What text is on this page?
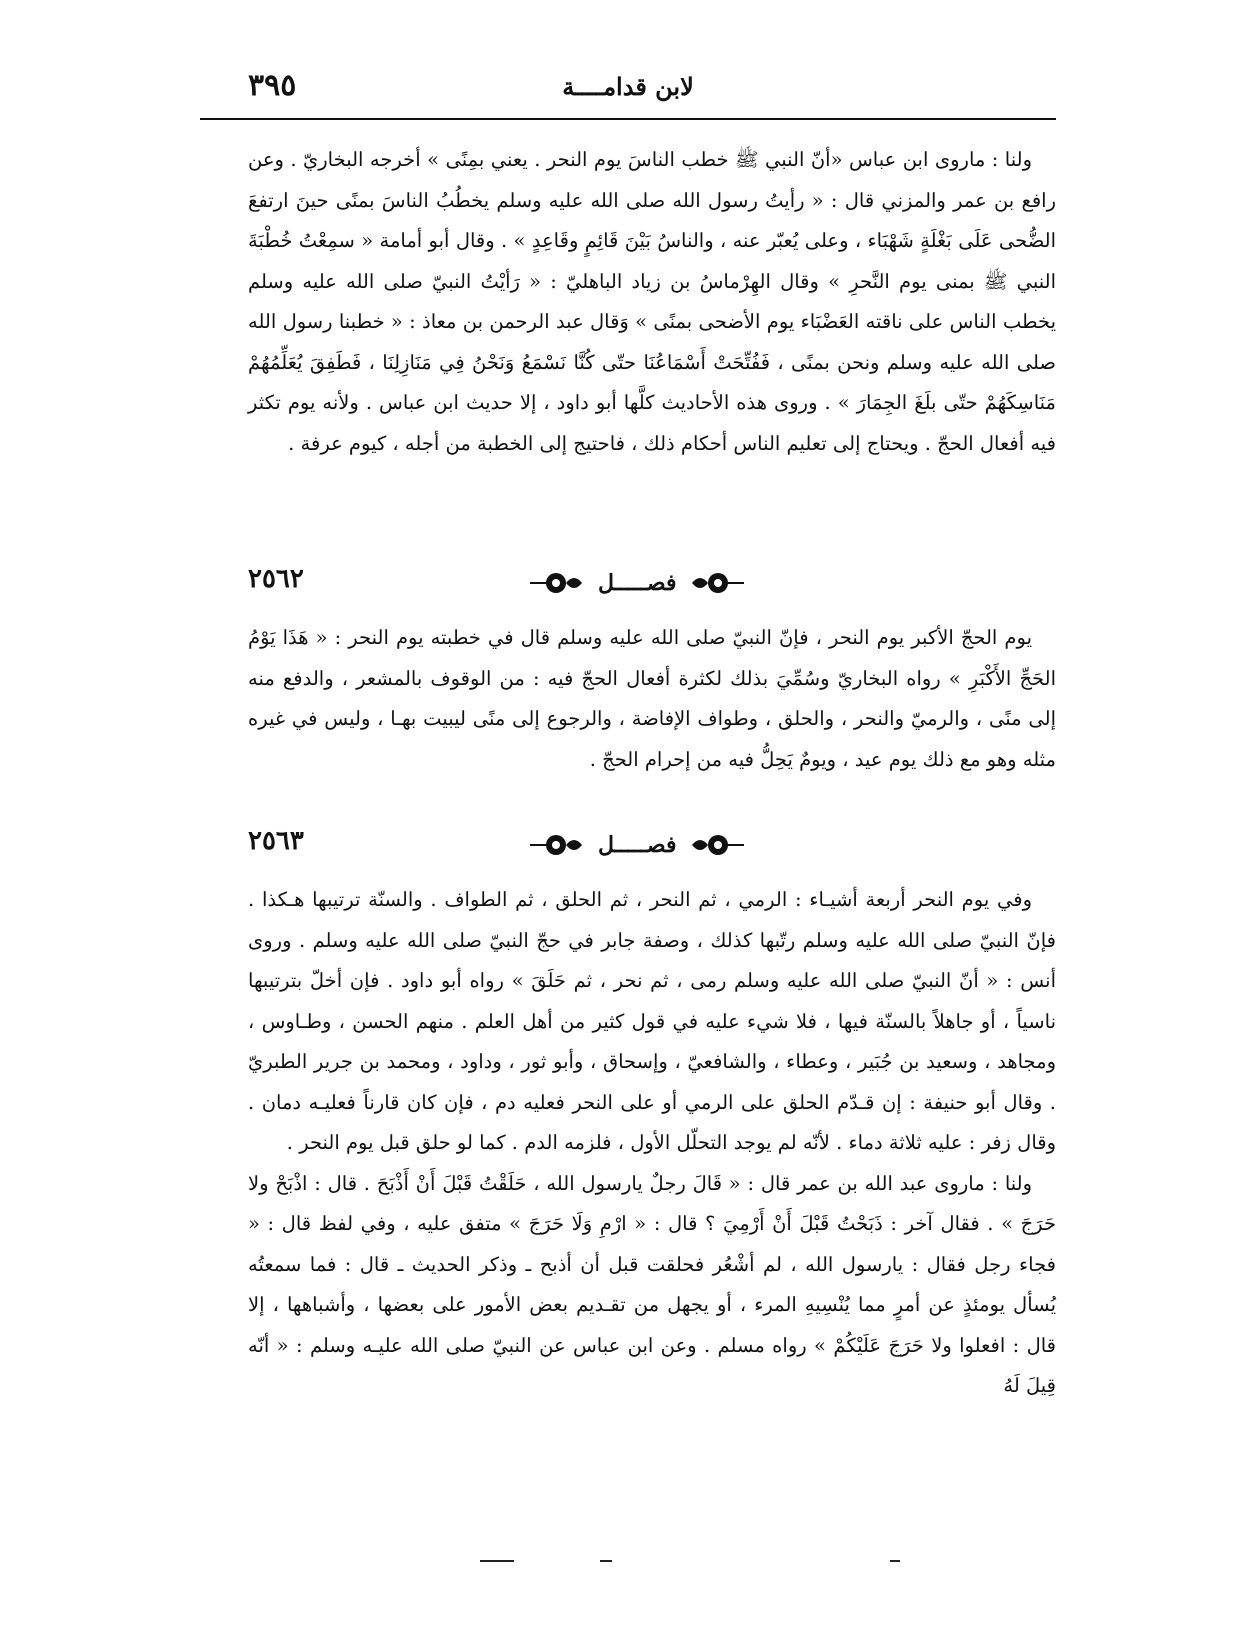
٣٩٥	لابن قدامــــة

ولنا : ماروى ابن عباس «أنّ النبي ﷺ خطب الناسَ يوم النحر . يعني بمِنًى » أخرجه البخاريّ . وعن رافع بن عمر والمزني قال : « رأيتُ رسول الله صلى الله عليه وسلم يخطُبُ الناسَ بمنًى حينَ ارتفعَ الضُّحى عَلَى بَغْلَةٍ شَهْبَاء ، وعلى يُعبّر عنه ، والناسُ بَيْنَ قَائِمٍ وقَاعِدٍ » . وقال أبو أمامة « سمِعْتُ خُطْبَةَ النبي ﷺ بمنى يوم النَّحرِ » وقال الهِرْماسُ بن زياد الباهليّ : « رَأيْتُ النبيّ صلى الله عليه وسلم يخطب الناس على ناقته العَضْبَاء يوم الأضحى بمنًى » وَقال عبد الرحمن بن معاذ : « خطبنا رسول الله صلى الله عليه وسلم ونحن بمنًى ، فَفُتِّحَتْ أَسْمَاعُنَا حتّى كُنَّا نَسْمَعُ وَنَحْنُ فِي مَنَازِلِنَا ، فَطَفِقَ يُعَلِّمُهُمْ مَنَاسِكَهُمْ حتّى بلَغَ الجِمَارَ » . وروى هذه الأحاديث كلَّها أبو داود ، إلا حديث ابن عباس . ولأنه يوم تكثر فيه أفعال الحجّ . ويحتاج إلى تعليم الناس أحكام ذلك ، فاحتيج إلى الخطبة من أجله ، كيوم عرفة .

٢٥٦٢	فصـــــل

يوم الحجّ الأكبر يوم النحر ، فإنّ النبيّ صلى الله عليه وسلم قال في خطبته يوم النحر : « هَذَا يَوْمُ الحَجِّ الأَكْبَرِ » رواه البخاريّ وسُمِّيَ بذلك لكثرة أفعال الحجّ فيه : من الوقوف بالمشعر ، والدفع منه إلى منًى ، والرميّ والنحر ، والحلق ، وطواف الإفاضة ، والرجوع إلى منًى ليبيت بهـا ، وليس في غيره مثله وهو مع ذلك يوم عيد ، ويومٌ يَحِلُّ فيه من إحرام الحجّ .

٢٥٦٣	فصـــــل

وفي يوم النحر أربعة أشيـاء : الرمي ، ثم النحر ، ثم الحلق ، ثم الطواف . والسنّة ترتيبها هـكذا . فإنّ النبيّ صلى الله عليه وسلم رتّبها كذلك ، وصفة جابر في حجّ النبيّ صلى الله عليه وسلم . وروى أنس : « أنّ النبيّ صلى الله عليه وسلم رمى ، ثم نحر ، ثم حَلَقَ » رواه أبو داود . فإن أخلّ بترتيبها ناسياً ، أو جاهلاً بالسنّة فيها ، فلا شيء عليه في قول كثير من أهل العلم . منهم الحسن ، وطـاوس ، ومجاهد ، وسعيد بن جُبَير ، وعطاء ، والشافعيّ ، وإسحاق ، وأبو ثور ، وداود ، ومحمد بن جرير الطبريّ . وقال أبو حنيفة : إن قـدّم الحلق على الرمي أو على النحر فعليه دم ، فإن كان قارناً فعليـه دمان . وقال زفر : عليه ثلاثة دماء . لأنّه لم يوجد التحلّل الأول ، فلزمه الدم . كما لو حلق قبل يوم النحر .

ولنا : ماروى عبد الله بن عمر قال : « قَالَ رجلٌ يارسول الله ، حَلَقْتُ قَبْلَ أَنْ أَذْبَحَ . قال : اذْبَحْ ولا حَرَجَ » . فقال آخر : ذَبَحْتُ قَبْلَ أَنْ أَرْمِيَ ؟ قال : « ارْمِ وَلَا حَرَجَ » متفق عليه ، وفي لفظ قال : « فجاء رجل فقال : يارسول الله ، لم أشْعُر فحلقت قبل أن أذبح ـ وذكر الحديث ـ قال : فما سمعتُه يُسأل يومئذٍ عن أمرٍ مما يُنْسِيهِ المرء ، أو يجهل من تقـديم بعض الأمور على بعضها ، وأشباهها ، إلا قال : افعلوا ولا حَرَجَ عَلَيْكُمْ » رواه مسلم . وعن ابن عباس عن النبيّ صلى الله عليـه وسلم : « أنّه قِيلَ لَهُ
